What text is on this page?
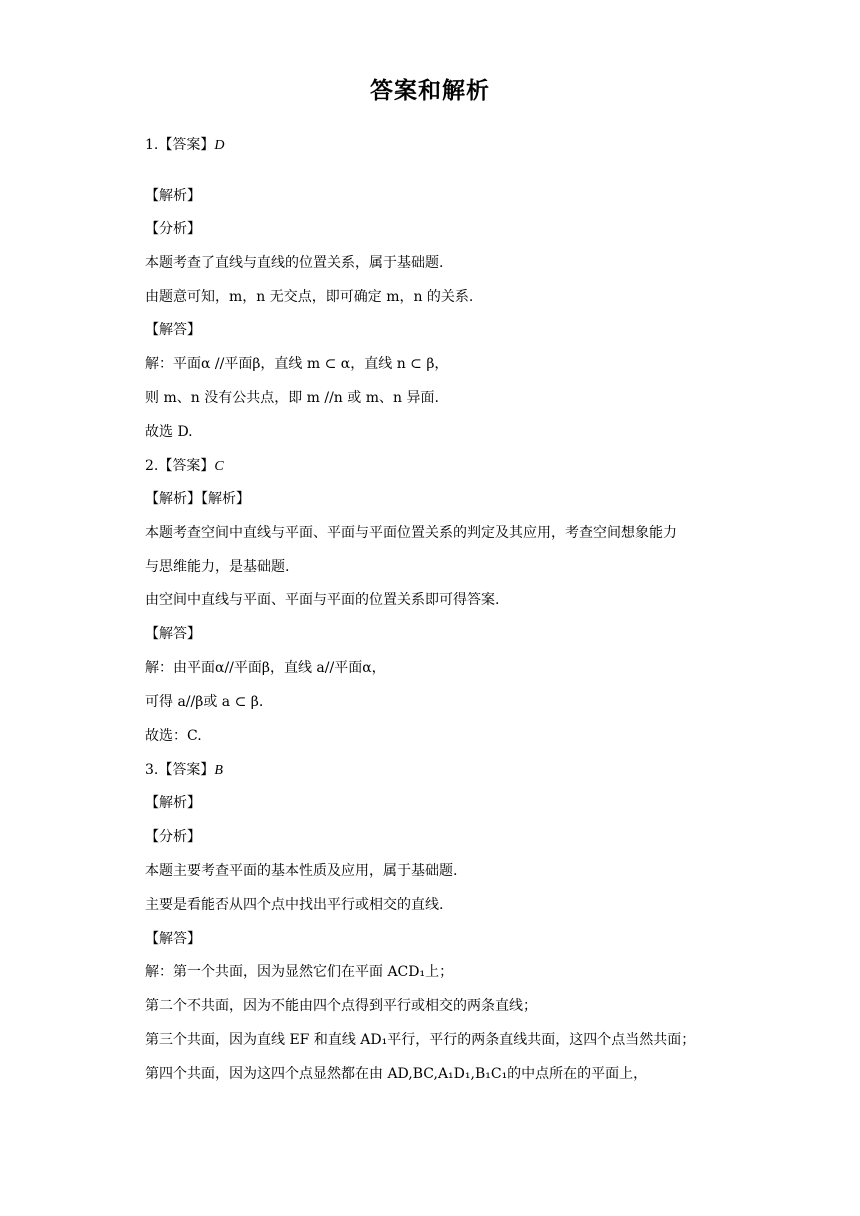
答案和解析
1.【答案】D
【解析】
【分析】
本题考查了直线与直线的位置关系，属于基础题.
由题意可知，m，n 无交点，即可确定 m，n 的关系.
【解答】
解：平面α //平面β，直线 m ⊂ α，直线 n ⊂ β，
则 m、n 没有公共点，即 m //n 或 m、n 异面.
故选 D.
2.【答案】C
【解析】【解析】
本题考查空间中直线与平面、平面与平面位置关系的判定及其应用，考查空间想象能力
与思维能力，是基础题.
由空间中直线与平面、平面与平面的位置关系即可得答案.
【解答】
解：由平面α//平面β，直线 a//平面α，
可得 a//β或 a ⊂ β.
故选：C.
3.【答案】B
【解析】
【分析】
本题主要考查平面的基本性质及应用，属于基础题.
主要是看能否从四个点中找出平行或相交的直线.
【解答】
解：第一个共面，因为显然它们在平面 ACD₁上；
第二个不共面，因为不能由四个点得到平行或相交的两条直线；
第三个共面，因为直线 EF 和直线 AD₁平行，平行的两条直线共面，这四个点当然共面；
第四个共面，因为这四个点显然都在由 AD,BC,A₁D₁,B₁C₁的中点所在的平面上，
